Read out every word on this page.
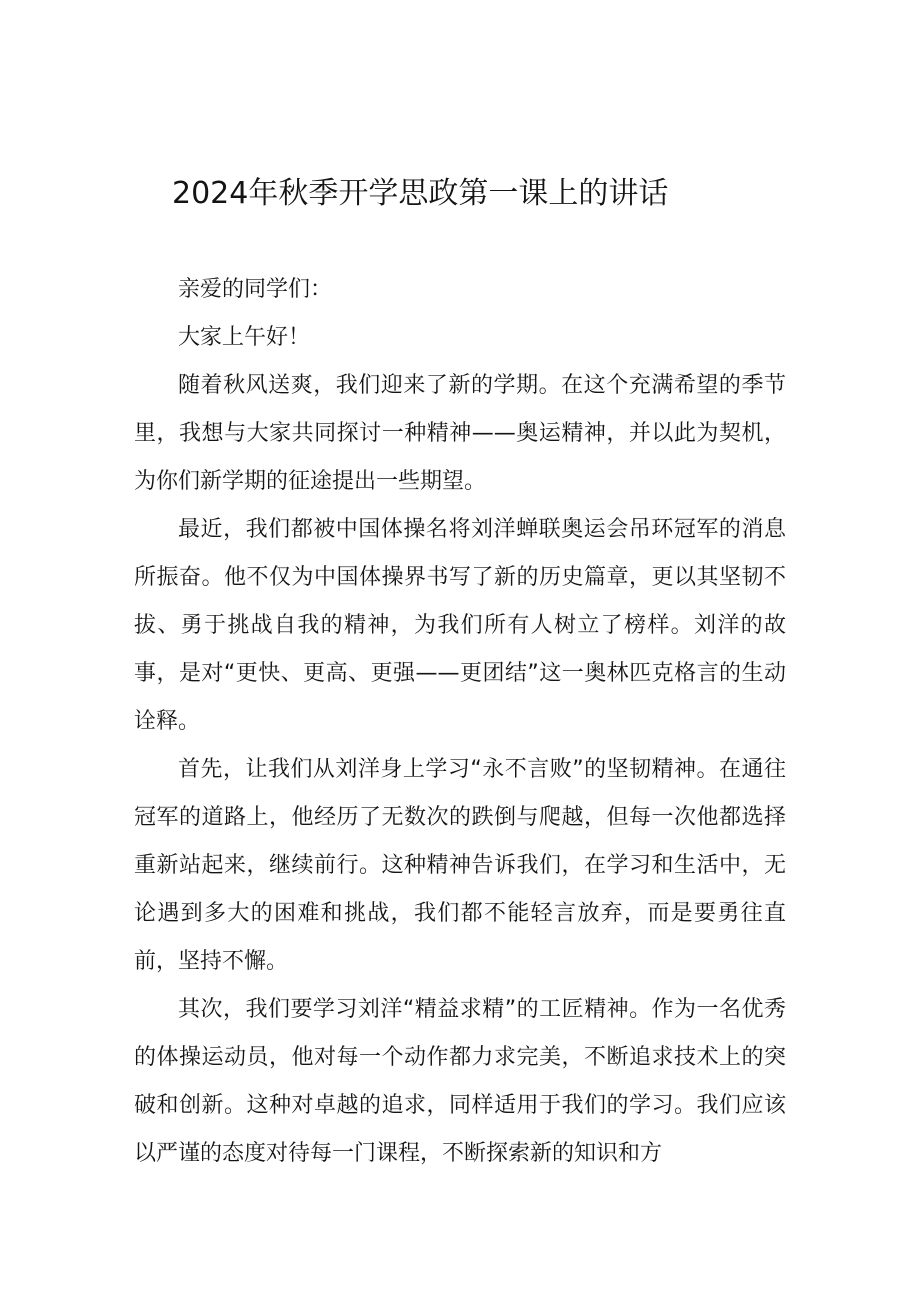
2024年秋季开学思政第一课上的讲话

亲爱的同学们：

大家上午好！

随着秋风送爽，我们迎来了新的学期。在这个充满希望的季节里，我想与大家共同探讨一种精神——奥运精神，并以此为契机，为你们新学期的征途提出一些期望。

最近，我们都被中国体操名将刘洋蝉联奥运会吊环冠军的消息所振奋。他不仅为中国体操界书写了新的历史篇章，更以其坚韧不拔、勇于挑战自我的精神，为我们所有人树立了榜样。刘洋的故事，是对“更快、更高、更强——更团结”这一奥林匹克格言的生动诠释。

首先，让我们从刘洋身上学习“永不言败”的坚韧精神。在通往冠军的道路上，他经历了无数次的跌倒与爬越，但每一次他都选择重新站起来，继续前行。这种精神告诉我们，在学习和生活中，无论遇到多大的困难和挑战，我们都不能轻言放弃，而是要勇往直前，坚持不懈。

其次，我们要学习刘洋“精益求精”的工匠精神。作为一名优秀的体操运动员，他对每一个动作都力求完美，不断追求技术上的突破和创新。这种对卓越的追求，同样适用于我们的学习。我们应该以严谨的态度对待每一门课程，不断探索新的知识和方
